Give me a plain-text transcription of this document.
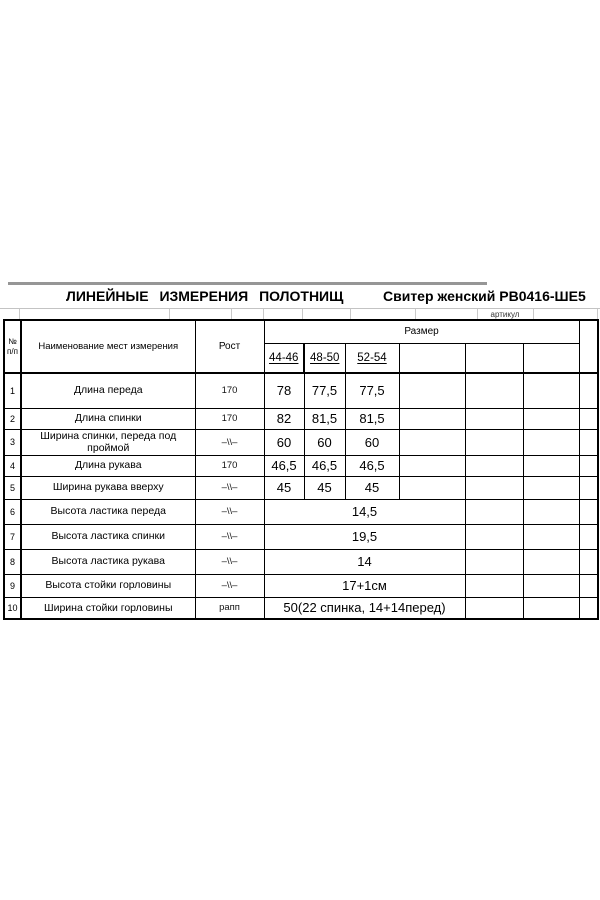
ЛИНЕЙНЫЕ ИЗМЕРЕНИЯ ПОЛОТНИЩ	Свитер женский РВ0416-ШЕ5
артикул
№
п/п	Наименование мест измерения	Рост	Размер						
			44-46	48-50	52-54				
1	Длина переда	170	78	77,5	77,5				
2	Длина спинки	170	82	81,5	81,5				
3	Ширина спинки, переда под проймой	–\\–	60	60	60				
4	Длина рукава	170	46,5	46,5	46,5				
5	Ширина рукава вверху	–\\–	45	45	45				
6	Высота ластика переда	–\\–	14,5						
7	Высота ластика спинки	–\\–	19,5						
8	Высота ластика рукава	–\\–	14						
9	Высота стойки горловины	–\\–	17+1см						
10	Ширина стойки горловины	рапп	50(22 спинка, 14+14перед)						
